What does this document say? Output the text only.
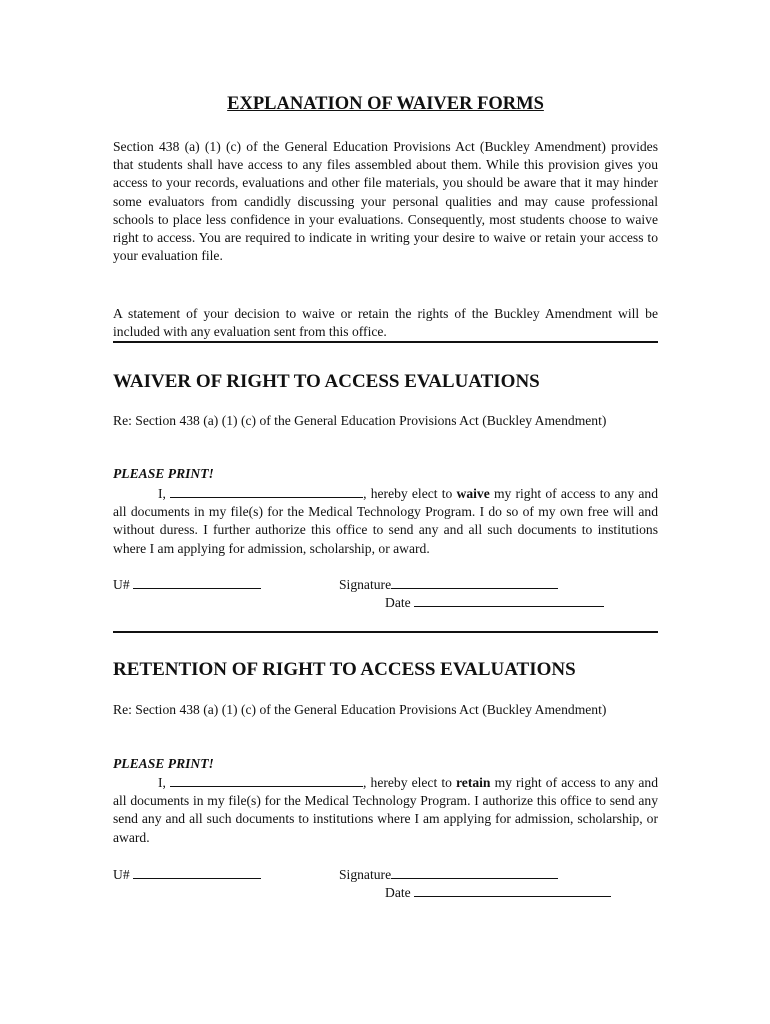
EXPLANATION OF WAIVER FORMS

Section 438 (a) (1) (c) of the General Education Provisions Act (Buckley Amendment) provides that students shall have access to any files assembled about them. While this provision gives you access to your records, evaluations and other file materials, you should be aware that it may hinder some evaluators from candidly discussing your personal qualities and may cause professional schools to place less confidence in your evaluations. Consequently, most students choose to waive right to access. You are required to indicate in writing your desire to waive or retain your access to your evaluation file.

A statement of your decision to waive or retain the rights of the Buckley Amendment will be included with any evaluation sent from this office.

WAIVER OF RIGHT TO ACCESS EVALUATIONS

Re: Section 438 (a) (1) (c) of the General Education Provisions Act (Buckley Amendment)

PLEASE PRINT!

I,	, hereby elect to waive my right of access to any and all documents in my file(s) for the Medical Technology Program. I do so of my own free will and without duress. I further authorize this office to send any and all such documents to institutions where I am applying for admission, scholarship, or award.

U#	Signature
Date
RETENTION OF RIGHT TO ACCESS EVALUATIONS

Re: Section 438 (a) (1) (c) of the General Education Provisions Act (Buckley Amendment)

PLEASE PRINT!

I,	, hereby elect to retain my right of access to any and all documents in my file(s) for the Medical Technology Program. I authorize this office to send any send any and all such documents to institutions where I am applying for admission, scholarship, or award.

U#	Signature
Date
